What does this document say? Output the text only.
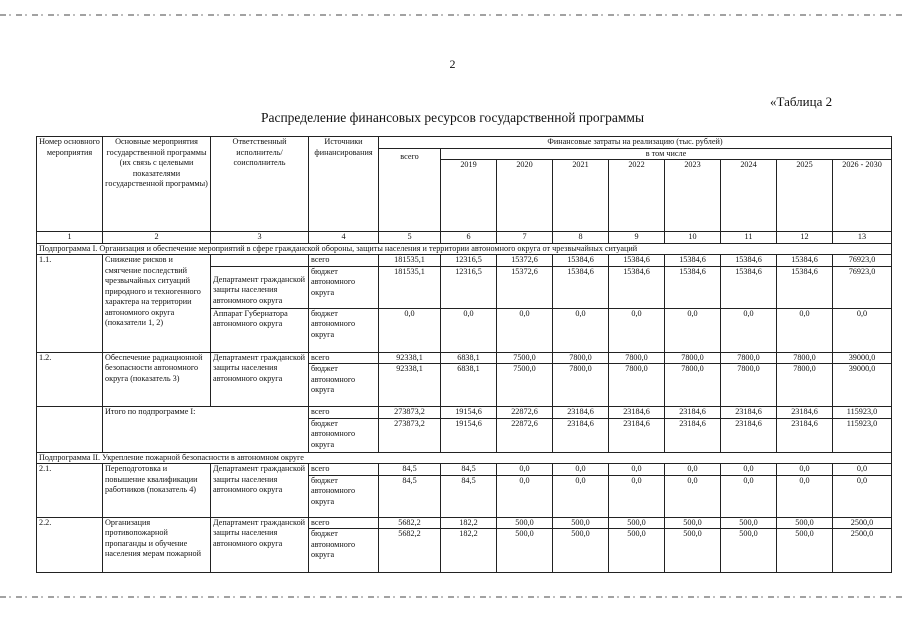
2
«Таблица 2
Распределение финансовых ресурсов государственной программы
Номер основного мероприятия	Основные мероприятия государственной программы (их связь с целевыми показателями государственной программы)	Ответственный исполнитель/ соисполнитель	Источники финансирования	Финансовые затраты на реализацию (тыс. рублей)								
				всего	в том числе							
					2019	2020	2021	2022	2023	2024	2025	2026 - 2030
1	2	3	4	5	6	7	8	9	10	11	12	13
Подпрограмма I. Организация и обеспечение мероприятий в сфере гражданской обороны, защиты населения и территории автономного округа от чрезвычайных ситуаций												
1.1.	Снижение рисков и смягчение последствий чрезвычайных ситуаций природного и техногенного характера на территории автономного округа (показатели 1, 2)		всего	181535,1	12316,5	15372,6	15384,6	15384,6	15384,6	15384,6	15384,6	76923,0
		Департамент гражданской защиты населения автономного округа	бюджет автономного округа	181535,1	12316,5	15372,6	15384,6	15384,6	15384,6	15384,6	15384,6	76923,0
		Аппарат Губернатора автономного округа	бюджет автономного округа	0,0	0,0	0,0	0,0	0,0	0,0	0,0	0,0	0,0
1.2.	Обеспечение радиационной безопасности автономного округа (показатель 3)	Департамент гражданской защиты населения автономного округа	всего	92338,1	6838,1	7500,0	7800,0	7800,0	7800,0	7800,0	7800,0	39000,0
			бюджет автономного округа	92338,1	6838,1	7500,0	7800,0	7800,0	7800,0	7800,0	7800,0	39000,0
	Итого по подпрограмме I:		всего	273873,2	19154,6	22872,6	23184,6	23184,6	23184,6	23184,6	23184,6	115923,0
			бюджет автономного округа	273873,2	19154,6	22872,6	23184,6	23184,6	23184,6	23184,6	23184,6	115923,0
Подпрограмма II. Укрепление пожарной безопасности в автономном округе												
2.1.	Переподготовка и повышение квалификации работников (показатель 4)	Департамент гражданской защиты населения автономного округа	всего	84,5	84,5	0,0	0,0	0,0	0,0	0,0	0,0	0,0
			бюджет автономного округа	84,5	84,5	0,0	0,0	0,0	0,0	0,0	0,0	0,0
2.2.	Организация противопожарной пропаганды и обучение населения мерам пожарной	Департамент гражданской защиты населения автономного округа	всего	5682,2	182,2	500,0	500,0	500,0	500,0	500,0	500,0	2500,0
			бюджет автономного округа	5682,2	182,2	500,0	500,0	500,0	500,0	500,0	500,0	2500,0
